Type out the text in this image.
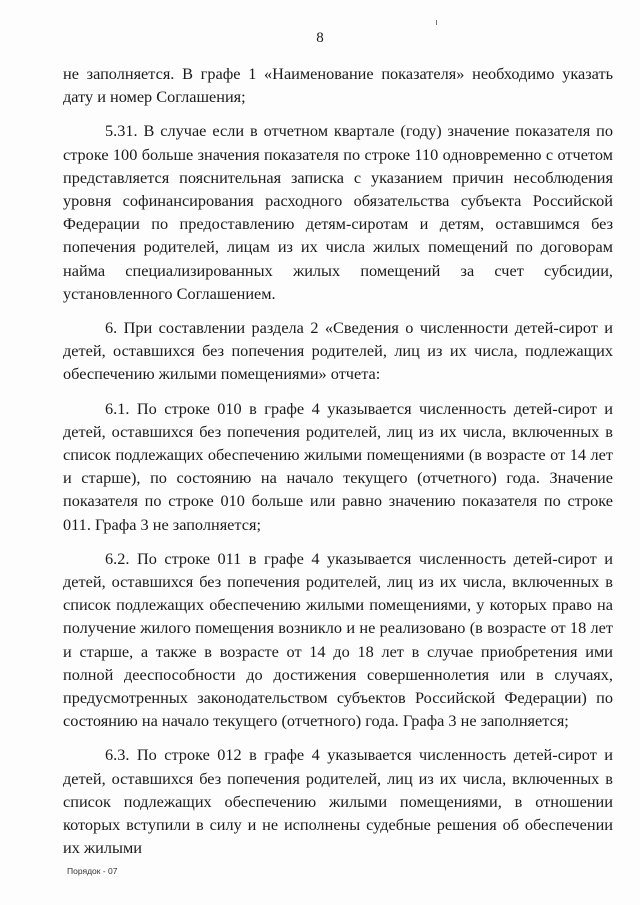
8

не заполняется. В графе 1 «Наименование показателя» необходимо указать дату и номер Соглашения;

5.31. В случае если в отчетном квартале (году) значение показателя по строке 100 больше значения показателя по строке 110 одновременно с отчетом представляется пояснительная записка с указанием причин несоблюдения уровня софинансирования расходного обязательства субъекта Российской Федерации по предоставлению детям-сиротам и детям, оставшимся без попечения родителей, лицам из их числа жилых помещений по договорам найма специализированных жилых помещений за счет субсидии, установленного Соглашением.

6. При составлении раздела 2 «Сведения о численности детей-сирот и детей, оставшихся без попечения родителей, лиц из их числа, подлежащих обеспечению жилыми помещениями» отчета:

6.1. По строке 010 в графе 4 указывается численность детей-сирот и детей, оставшихся без попечения родителей, лиц из их числа, включенных в список подлежащих обеспечению жилыми помещениями (в возрасте от 14 лет и старше), по состоянию на начало текущего (отчетного) года. Значение показателя по строке 010 больше или равно значению показателя по строке 011. Графа 3 не заполняется;

6.2. По строке 011 в графе 4 указывается численность детей-сирот и детей, оставшихся без попечения родителей, лиц из их числа, включенных в список подлежащих обеспечению жилыми помещениями, у которых право на получение жилого помещения возникло и не реализовано (в возрасте от 18 лет и старше, а также в возрасте от 14 до 18 лет в случае приобретения ими полной дееспособности до достижения совершеннолетия или в случаях, предусмотренных законодательством субъектов Российской Федерации) по состоянию на начало текущего (отчетного) года. Графа 3 не заполняется;

6.3. По строке 012 в графе 4 указывается численность детей-сирот и детей, оставшихся без попечения родителей, лиц из их числа, включенных в список подлежащих обеспечению жилыми помещениями, в отношении которых вступили в силу и не исполнены судебные решения об обеспечении их жилыми

Порядок - 07
